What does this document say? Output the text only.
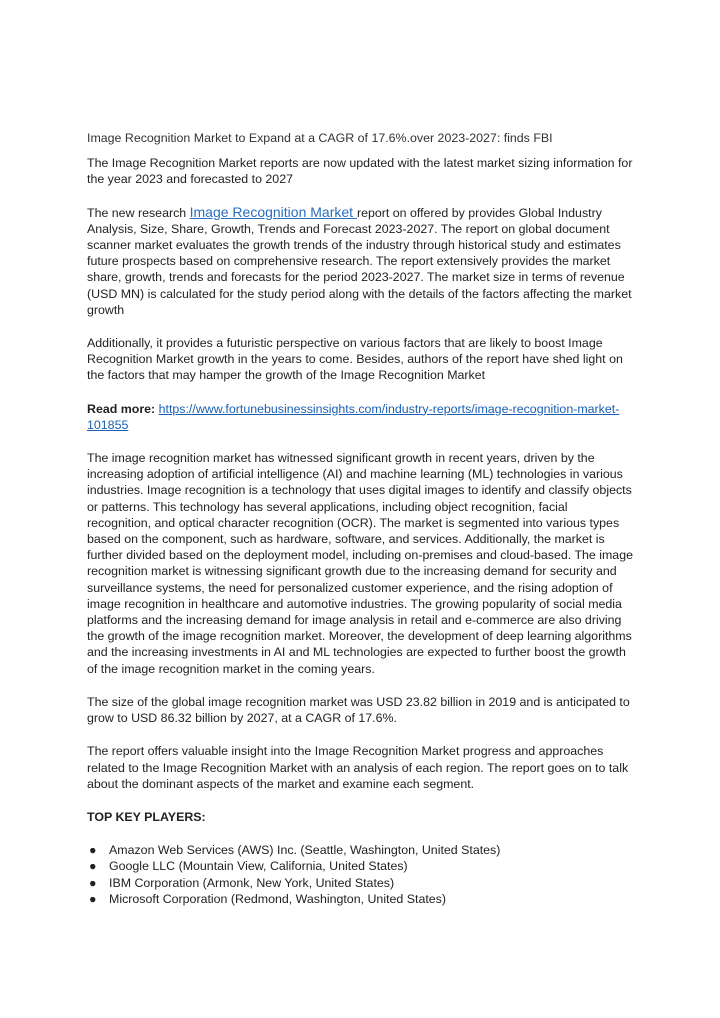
Image Recognition Market to Expand at a CAGR of 17.6%.over 2023-2027: finds FBI

The Image Recognition Market reports are now updated with the latest market sizing information for the year 2023 and forecasted to 2027

The new research Image Recognition Market report on offered by provides Global Industry Analysis, Size, Share, Growth, Trends and Forecast 2023-2027. The report on global document scanner market evaluates the growth trends of the industry through historical study and estimates future prospects based on comprehensive research. The report extensively provides the market share, growth, trends and forecasts for the period 2023-2027. The market size in terms of revenue (USD MN) is calculated for the study period along with the details of the factors affecting the market growth

Additionally, it provides a futuristic perspective on various factors that are likely to boost Image Recognition Market growth in the years to come. Besides, authors of the report have shed light on the factors that may hamper the growth of the Image Recognition Market

Read more: https://www.fortunebusinessinsights.com/industry-reports/image-recognition-market-101855

The image recognition market has witnessed significant growth in recent years, driven by the increasing adoption of artificial intelligence (AI) and machine learning (ML) technologies in various industries. Image recognition is a technology that uses digital images to identify and classify objects or patterns. This technology has several applications, including object recognition, facial recognition, and optical character recognition (OCR). The market is segmented into various types based on the component, such as hardware, software, and services. Additionally, the market is further divided based on the deployment model, including on-premises and cloud-based. The image recognition market is witnessing significant growth due to the increasing demand for security and surveillance systems, the need for personalized customer experience, and the rising adoption of image recognition in healthcare and automotive industries. The growing popularity of social media platforms and the increasing demand for image analysis in retail and e-commerce are also driving the growth of the image recognition market. Moreover, the development of deep learning algorithms and the increasing investments in AI and ML technologies are expected to further boost the growth of the image recognition market in the coming years.

The size of the global image recognition market was USD 23.82 billion in 2019 and is anticipated to grow to USD 86.32 billion by 2027, at a CAGR of 17.6%.

The report offers valuable insight into the Image Recognition Market progress and approaches related to the Image Recognition Market with an analysis of each region. The report goes on to talk about the dominant aspects of the market and examine each segment.

TOP KEY PLAYERS:

● Amazon Web Services (AWS) Inc. (Seattle, Washington, United States)
● Google LLC (Mountain View, California, United States)
● IBM Corporation (Armonk, New York, United States)
● Microsoft Corporation (Redmond, Washington, United States)
